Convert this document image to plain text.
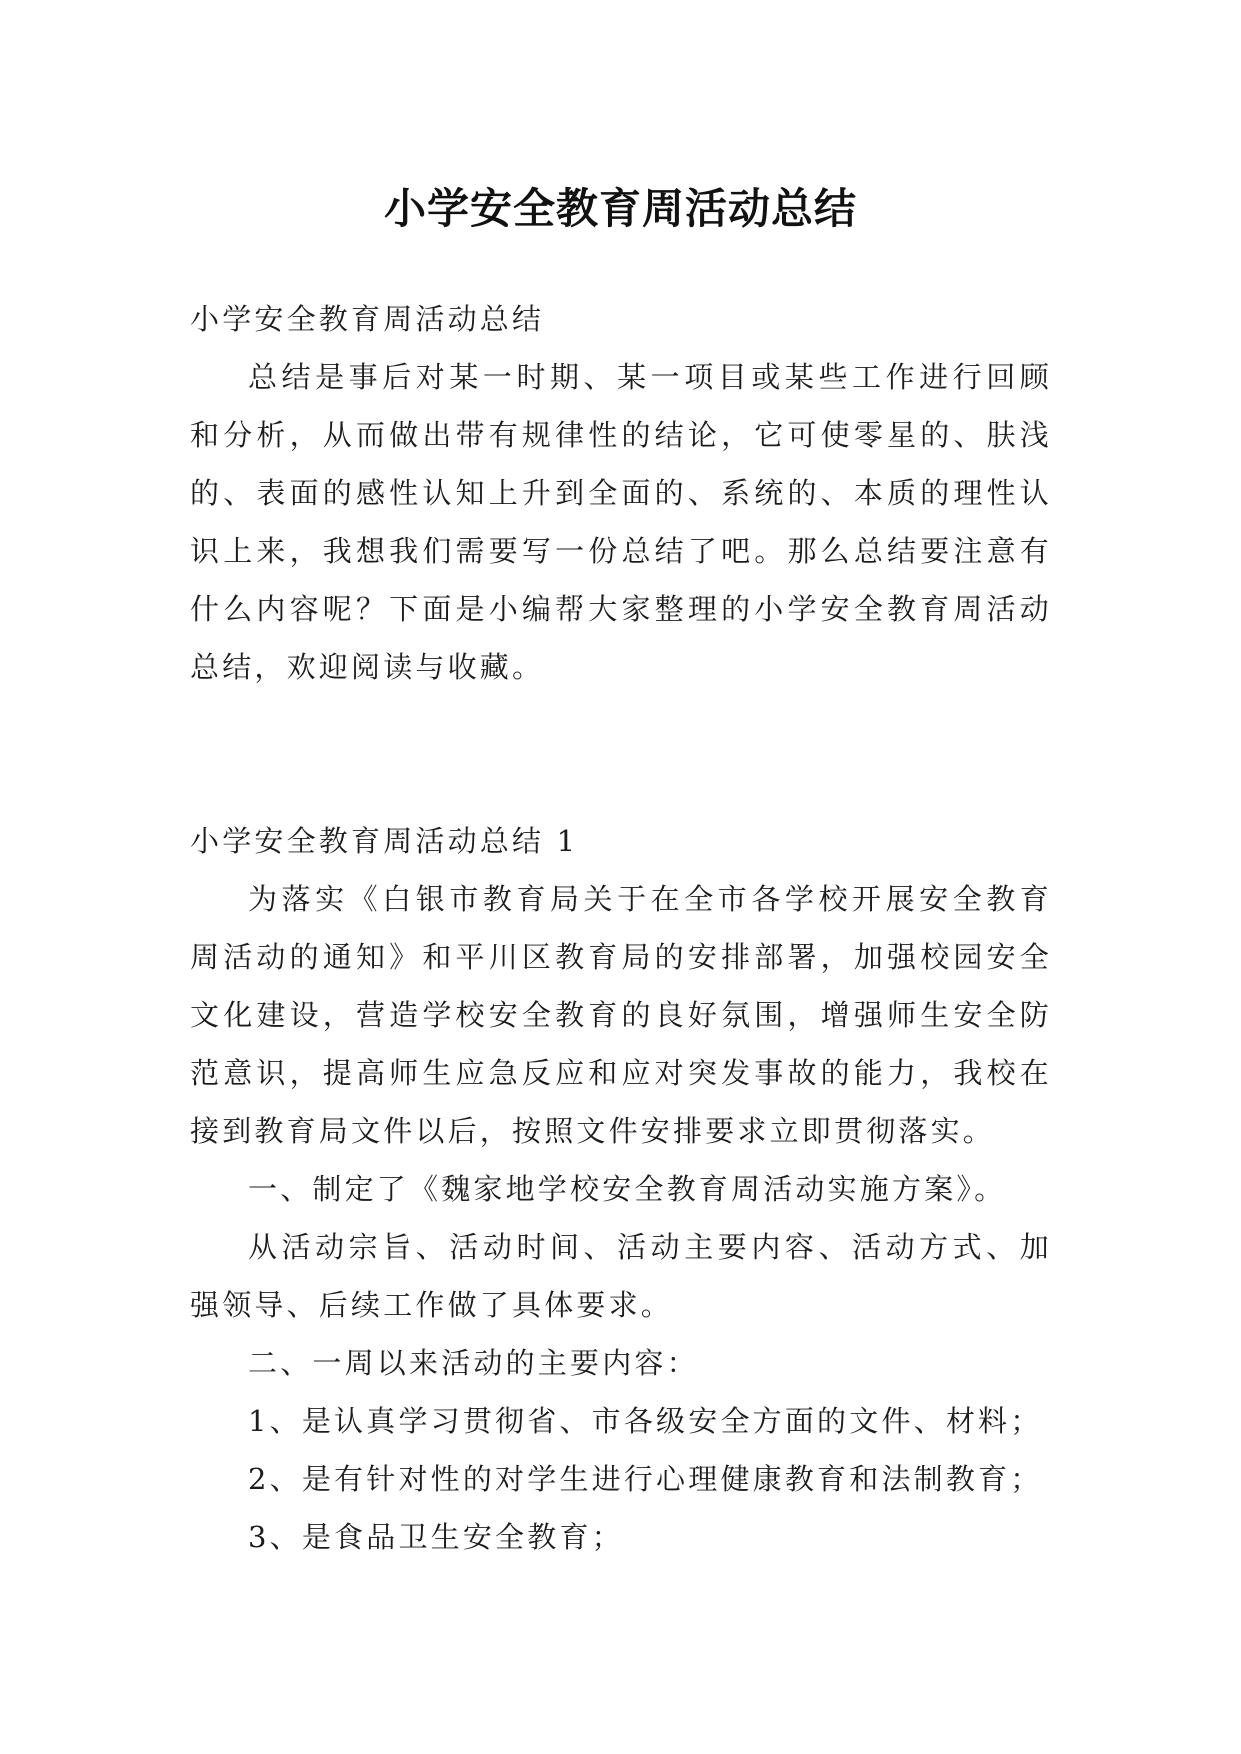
小学安全教育周活动总结

小学安全教育周活动总结

总结是事后对某一时期、某一项目或某些工作进行回顾和分析，从而做出带有规律性的结论，它可使零星的、肤浅的、表面的感性认知上升到全面的、系统的、本质的理性认识上来，我想我们需要写一份总结了吧。那么总结要注意有什么内容呢？下面是小编帮大家整理的小学安全教育周活动总结，欢迎阅读与收藏。

小学安全教育周活动总结 1

为落实《白银市教育局关于在全市各学校开展安全教育周活动的通知》和平川区教育局的安排部署，加强校园安全文化建设，营造学校安全教育的良好氛围，增强师生安全防范意识，提高师生应急反应和应对突发事故的能力，我校在接到教育局文件以后，按照文件安排要求立即贯彻落实。

一、制定了《魏家地学校安全教育周活动实施方案》。

从活动宗旨、活动时间、活动主要内容、活动方式、加强领导、后续工作做了具体要求。

二、一周以来活动的主要内容：

1、是认真学习贯彻省、市各级安全方面的文件、材料；

2、是有针对性的对学生进行心理健康教育和法制教育；

3、是食品卫生安全教育；
